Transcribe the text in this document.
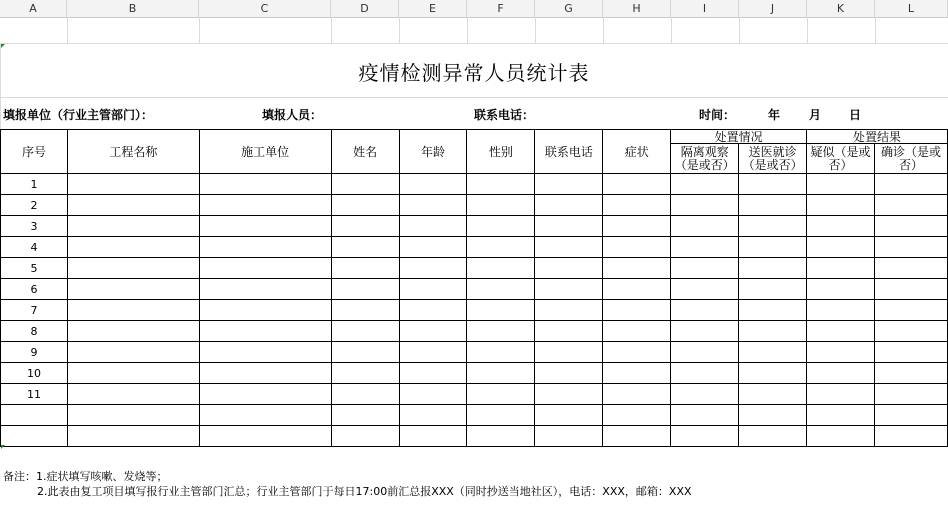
A	B	C	D	E	F	G	H	I	J	K	L
疫情检测异常人员统计表
填报单位（行业主管部门）：	填报人员：	联系电话：	时间：	年 月 日
序号	工程名称	施工单位	姓名	年龄	性别	联系电话	症状	处置情况		处置结果	
								隔离观察（是或否）	送医就诊（是或否）	疑似（是或否）	确诊（是或否）
1											
2											
3											
4											
5											
6											
7											
8											
9											
10											
11											

备注：1.症状填写咳嗽、发烧等；
2.此表由复工项目填写报行业主管部门汇总；行业主管部门于每日17:00前汇总报XXX（同时抄送当地社区），电话：XXX，邮箱：XXX
